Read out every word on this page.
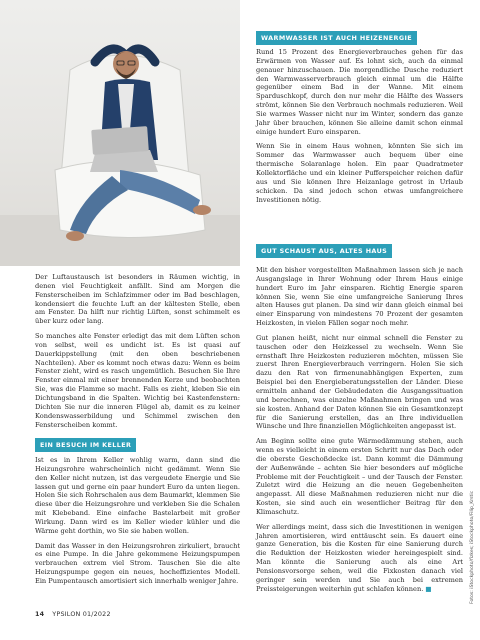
WARMWASSER IST AUCH HEIZENERGIE

Rund 15 Prozent des Energieverbrauches gehen für das Erwärmen von Wasser auf. Es lohnt sich, auch da einmal genauer hinzuschauen. Die morgendliche Dusche reduziert den Warmwasserverbrauch gleich einmal um die Hälfte gegenüber einem Bad in der Wanne. Mit einem Sparduschkopf, durch den nur mehr die Hälfte des Wassers strömt, können Sie den Verbrauch nochmals reduzieren. Weil Sie warmes Wasser nicht nur im Winter, sondern das ganze Jahr über brauchen, können Sie alleine damit schon einmal einige hundert Euro einsparen.

Wenn Sie in einem Haus wohnen, könnten Sie sich im Sommer das Warmwasser auch bequem über eine thermische Solaranlage holen. Ein paar Quadratmeter Kollektorfläche und ein kleiner Pufferspeicher reichen dafür aus und Sie können Ihre Heizanlage getrost in Urlaub schicken. Da sind jedoch schon etwas umfangreichere Investitionen nötig.

GUT SCHAUST AUS, ALTES HAUS

Der Luftaustausch ist besonders in Räumen wichtig, in denen viel Feuchtigkeit anfällt. Sind am Morgen die Fensterscheiben im Schlafzimmer oder im Bad beschlagen, kondensiert die feuchte Luft an der kältesten Stelle, eben am Fenster. Da hilft nur richtig Lüften, sonst schimmelt es über kurz oder lang.

So manches alte Fenster erledigt das mit dem Lüften schon von selbst, weil es undicht ist. Es ist quasi auf Dauerkippstellung (mit den oben beschriebenen Nachteilen). Aber es kommt noch etwas dazu: Wenn es beim Fenster zieht, wird es rasch ungemütlich. Besuchen Sie Ihre Fenster einmal mit einer brennenden Kerze und beobachten Sie, was die Flamme so macht. Falls es zieht, kleben Sie ein Dichtungsband in die Spalten. Wichtig bei Kastenfenstern: Dichten Sie nur die inneren Flügel ab, damit es zu keiner Kondenswasserbildung und Schimmel zwischen den Fensterscheiben kommt.

EIN BESUCH IM KELLER

Ist es in Ihrem Keller wohlig warm, dann sind die Heizungsrohre wahrscheinlich nicht gedämmt. Wenn Sie den Keller nicht nutzen, ist das vergeudete Energie und Sie lassen gut und gerne ein paar hundert Euro da unten liegen. Holen Sie sich Rohrschalen aus dem Baumarkt, klemmen Sie diese über die Heizungsrohre und verkleben Sie die Schalen mit Klebeband. Eine einfache Bastelarbeit mit großer Wirkung. Dann wird es im Keller wieder kühler und die Wärme geht dorthin, wo Sie sie haben wollen.

Damit das Wasser in den Heizungsrohren zirkuliert, braucht es eine Pumpe. In die Jahre gekommene Heizungspumpen verbrauchen extrem viel Strom. Tauschen Sie die alte Heizungspumpe gegen ein neues, hocheffizientes Modell. Ein Pumpentausch amortisiert sich innerhalb weniger Jahre.

Mit den bisher vorgestellten Maßnahmen lassen sich je nach Ausgangslage in Ihrer Wohnung oder Ihrem Haus einige hundert Euro im Jahr einsparen. Richtig Energie sparen können Sie, wenn Sie eine umfangreiche Sanierung Ihres alten Hauses gut planen. Da sind wir dann gleich einmal bei einer Einsparung von mindestens 70 Prozent der gesamten Heizkosten, in vielen Fällen sogar noch mehr.

Gut planen heißt, nicht nur einmal schnell die Fenster zu tauschen oder den Heizkessel zu wechseln. Wenn Sie ernsthaft Ihre Heizkosten reduzieren möchten, müssen Sie zuerst Ihren Energieverbrauch verringern. Holen Sie sich dazu den Rat von firmenunabhängigen Experten, zum Beispiel bei den Energieberatungsstellen der Länder. Diese ermitteln anhand der Gebäudedaten die Ausgangssituation und berechnen, was einzelne Maßnahmen bringen und was sie kosten. Anhand der Daten können Sie ein Gesamtkonzept für die Sanierung erstellen, das an Ihre individuellen Wünsche und Ihre finanziellen Möglichkeiten angepasst ist.

Am Beginn sollte eine gute Wärmedämmung stehen, auch wenn es vielleicht in einem ersten Schritt nur das Dach oder die oberste Geschoßdecke ist. Dann kommt die Dämmung der Außenwände – achten Sie hier besonders auf mögliche Probleme mit der Feuchtigkeit – und der Tausch der Fenster. Zuletzt wird die Heizung an die neuen Gegebenheiten angepasst. All diese Maßnahmen reduzieren nicht nur die Kosten, sie sind auch ein wesentlicher Beitrag für den Klimaschutz.

Wer allerdings meint, dass sich die Investitionen in wenigen Jahren amortisieren, wird enttäuscht sein. Es dauert eine ganze Generation, bis die Kosten für eine Sanierung durch die Reduktion der Heizkosten wieder hereingespielt sind. Man könnte die Sanierung auch als eine Art Pensionsvorsorge sehen, weil die Fixkosten danach viel geringer sein werden und Sie auch bei extremen Preissteigerungen weiterhin gut schlafen können. ■

14 YPSILON 01/2022
Fotos: iStockphoto/fizkes; iStockphoto/Filip_Krstic
